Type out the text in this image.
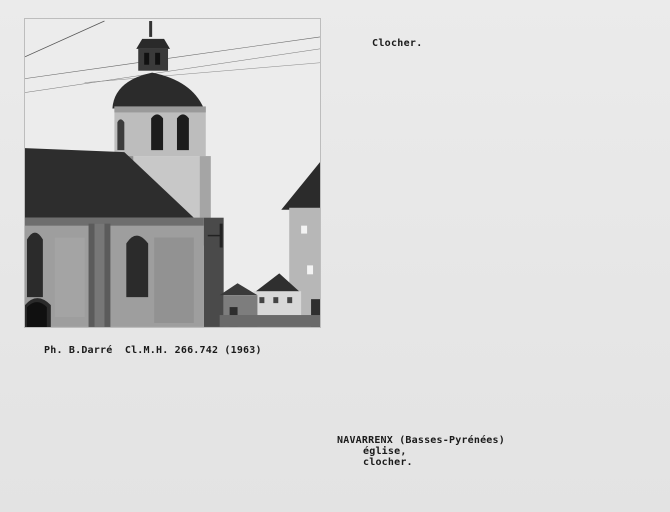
Clocher.
Ph. B.Darré  Cl.M.H. 266.742 (1963)
NAVARRENX (Basses-Pyrénées)
église,
clocher.
